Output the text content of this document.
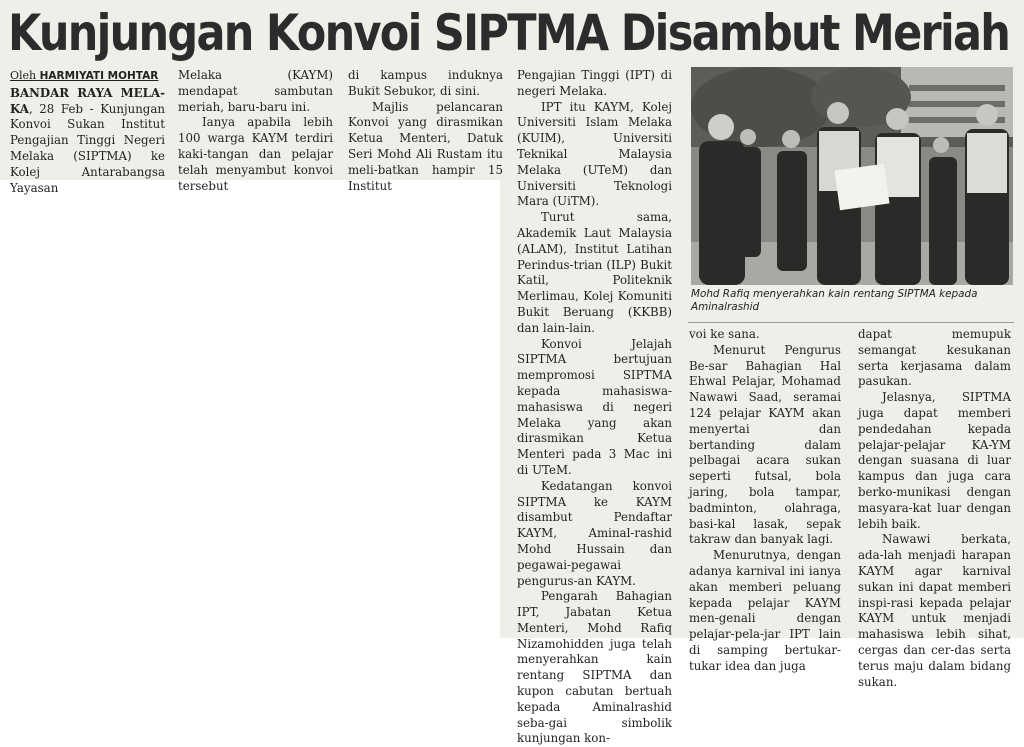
Kunjungan Konvoi SIPTMA Disambut Meriah
Oleh HARMIYATI MOHTAR

BANDAR RAYA MELA-KA, 28 Feb - Kunjungan Konvoi Sukan Institut Pengajian Tinggi Negeri Melaka (SIPTMA) ke Kolej Antarabangsa Yayasan

Melaka (KAYM) mendapat sambutan meriah, baru-baru ini.

Ianya apabila lebih 100 warga KAYM terdiri kaki-tangan dan pelajar telah menyambut konvoi tersebut

di kampus induknya Bukit Sebukor, di sini.

Majlis pelancaran Konvoi yang dirasmikan Ketua Menteri, Datuk Seri Mohd Ali Rustam itu meli-batkan hampir 15 Institut

Pengajian Tinggi (IPT) di negeri Melaka.

IPT itu KAYM, Kolej Universiti Islam Melaka (KUIM), Universiti Teknikal Malaysia Melaka (UTeM) dan Universiti Teknologi Mara (UiTM).

Turut sama, Akademik Laut Malaysia (ALAM), Institut Latihan Perindus-trian (ILP) Bukit Katil, Politeknik Merlimau, Kolej Komuniti Bukit Beruang (KKBB) dan lain-lain.

Konvoi Jelajah SIPTMA bertujuan mempromosi SIPTMA kepada mahasiswa-mahasiswa di negeri Melaka yang akan dirasmikan Ketua Menteri pada 3 Mac ini di UTeM.

Kedatangan konvoi SIPTMA ke KAYM disambut Pendaftar KAYM, Aminal-rashid Mohd Hussain dan pegawai-pegawai pengurus-an KAYM.

Pengarah Bahagian IPT, Jabatan Ketua Menteri, Mohd Rafiq Nizamohidden juga telah menyerahkan kain rentang SIPTMA dan kupon cabutan bertuah kepada Aminalrashid seba-gai simbolik kunjungan kon-

Mohd Rafiq menyerahkan kain rentang SIPTMA kepada Aminalrashid

voi ke sana.

Menurut Pengurus Be-sar Bahagian Hal Ehwal Pelajar, Mohamad Nawawi Saad, seramai 124 pelajar KAYM akan menyertai dan bertanding dalam pelbagai acara sukan seperti futsal, bola jaring, bola tampar, badminton, olahraga, basi-kal lasak, sepak takraw dan banyak lagi.

Menurutnya, dengan adanya karnival ini ianya akan memberi peluang kepada pelajar KAYM men-genali dengan pelajar-pela-jar IPT lain di samping bertukar-tukar idea dan juga

dapat memupuk semangat kesukanan serta kerjasama dalam pasukan.

Jelasnya, SIPTMA juga dapat memberi pendedahan kepada pelajar-pelajar KA-YM dengan suasana di luar kampus dan juga cara berko-munikasi dengan masyara-kat luar dengan lebih baik.

Nawawi berkata, ada-lah menjadi harapan KAYM agar karnival sukan ini dapat memberi inspi-rasi kepada pelajar KAYM untuk menjadi mahasiswa lebih sihat, cergas dan cer-das serta terus maju dalam bidang sukan.
